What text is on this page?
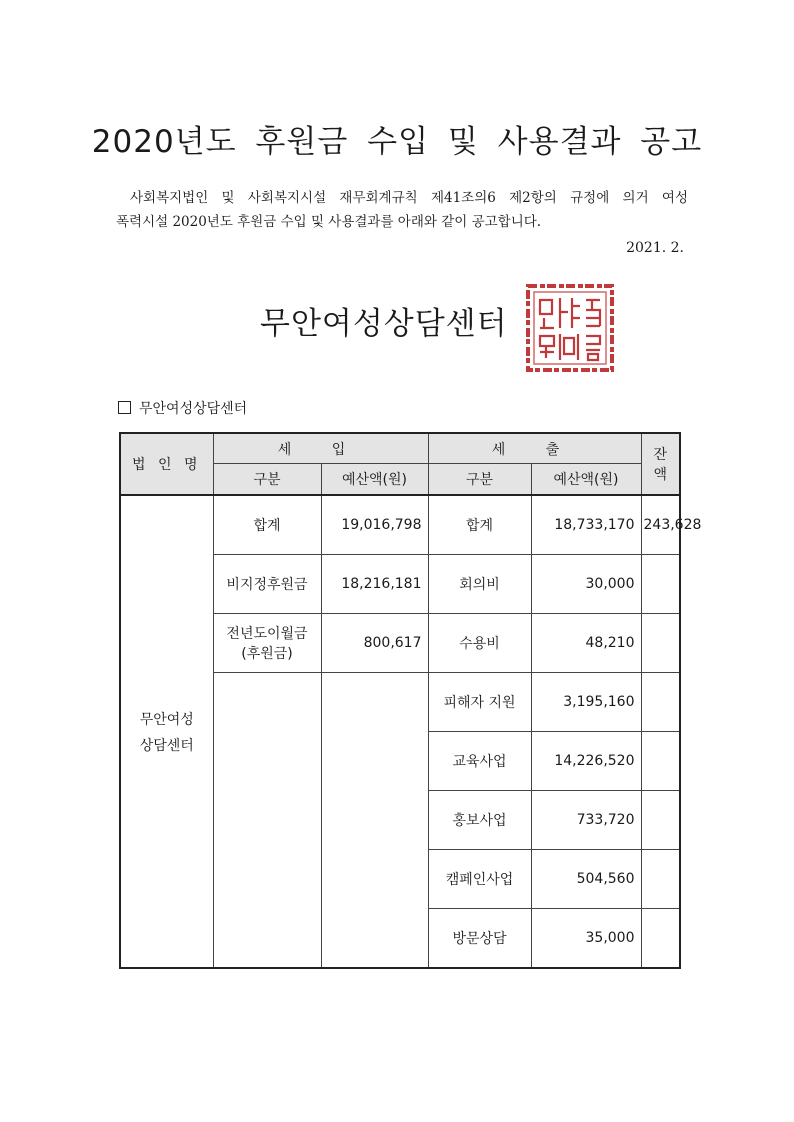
2020년도 후원금 수입 및 사용결과 공고

사회복지법인 및 사회복지시설 재무회계규칙 제41조의6 제2항의 규정에 의거 여성

폭력시설 2020년도 후원금 수입 및 사용결과를 아래와 같이 공고합니다.

2021. 2.
무안여성상담센터
무안여성상담센터
법 인 명	세 입		세 출		잔액
	구분	예산액(원)	구분	예산액(원)	

무안여성
상담센터	합계	19,016,798	합계	18,733,170	243,628
	비지정후원금	18,216,181	회의비	30,000	

	전년도이월금
(후원금)	800,617	수용비	48,210	
			피해자 지원	3,195,160	
			교육사업	14,226,520	
			홍보사업	733,720	
			캠페인사업	504,560	
			방문상담	35,000	
